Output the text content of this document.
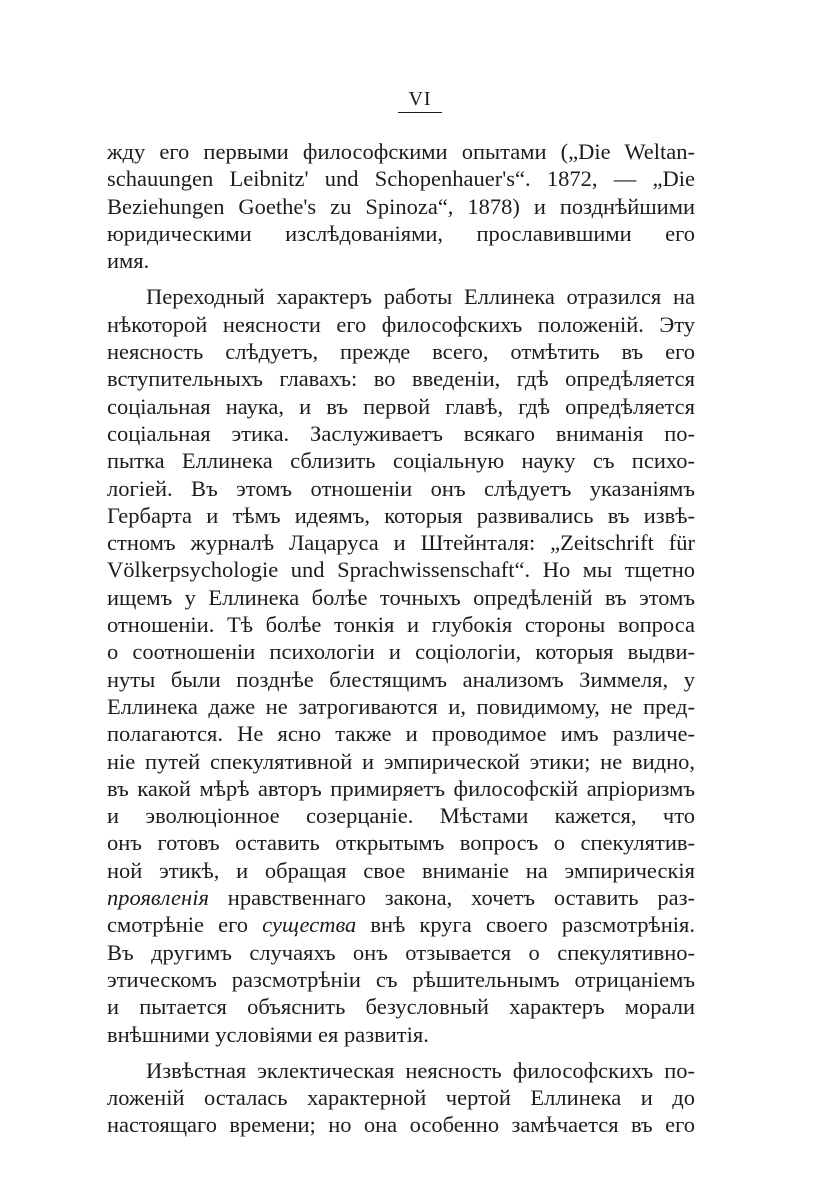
VI
жду его первыми философскими опытами („Die Weltan-
schauungen Leibnitz' und Schopenhauer's“. 1872, — „Die
Beziehungen Goethe's zu Spinoza“, 1878) и позднѣйшими
юридическими изслѣдованіями, прославившими его
имя.
Переходный характеръ работы Еллинека отразился на
нѣкоторой неясности его философскихъ положеній. Эту
неясность слѣдуетъ, прежде всего, отмѣтить въ его
вступительныхъ главахъ: во введеніи, гдѣ опредѣляется
соціальная наука, и въ первой главѣ, гдѣ опредѣляется
соціальная этика. Заслуживаетъ всякаго вниманія по-
пытка Еллинека сблизить соціальную науку съ психо-
логіей. Въ этомъ отношеніи онъ слѣдуетъ указаніямъ
Гербарта и тѣмъ идеямъ, которыя развивались въ извѣ-
стномъ журналѣ Лацаруса и Штейнталя: „Zeitschrift für
Völkerpsychologie und Sprachwissenschaft“. Но мы тщетно
ищемъ у Еллинека болѣе точныхъ опредѣленій въ этомъ
отношеніи. Тѣ болѣе тонкія и глубокія стороны вопроса
о соотношеніи психологіи и соціологіи, которыя выдви-
нуты были позднѣе блестящимъ анализомъ Зиммеля, у
Еллинека даже не затрогиваются и, повидимому, не пред-
полагаются. Не ясно также и проводимое имъ различе-
ніе путей спекулятивной и эмпирической этики; не видно,
въ какой мѣрѣ авторъ примиряетъ философскій апріоризмъ
и эволюціонное созерцаніе. Мѣстами кажется, что
онъ готовъ оставить открытымъ вопросъ о спекулятив-
ной этикѣ, и обращая свое вниманіе на эмпирическія
проявленія нравственнаго закона, хочетъ оставить раз-
смотрѣніе его существа внѣ круга своего разсмотрѣнія.
Въ другимъ случаяхъ онъ отзывается о спекулятивно-
этическомъ разсмотрѣніи съ рѣшительнымъ отрицаніемъ
и пытается объяснить безусловный характеръ морали
внѣшними условіями ея развитія.
Извѣстная эклектическая неясность философскихъ по-
ложеній осталась характерной чертой Еллинека и до
настоящаго времени; но она особенно замѣчается въ его
